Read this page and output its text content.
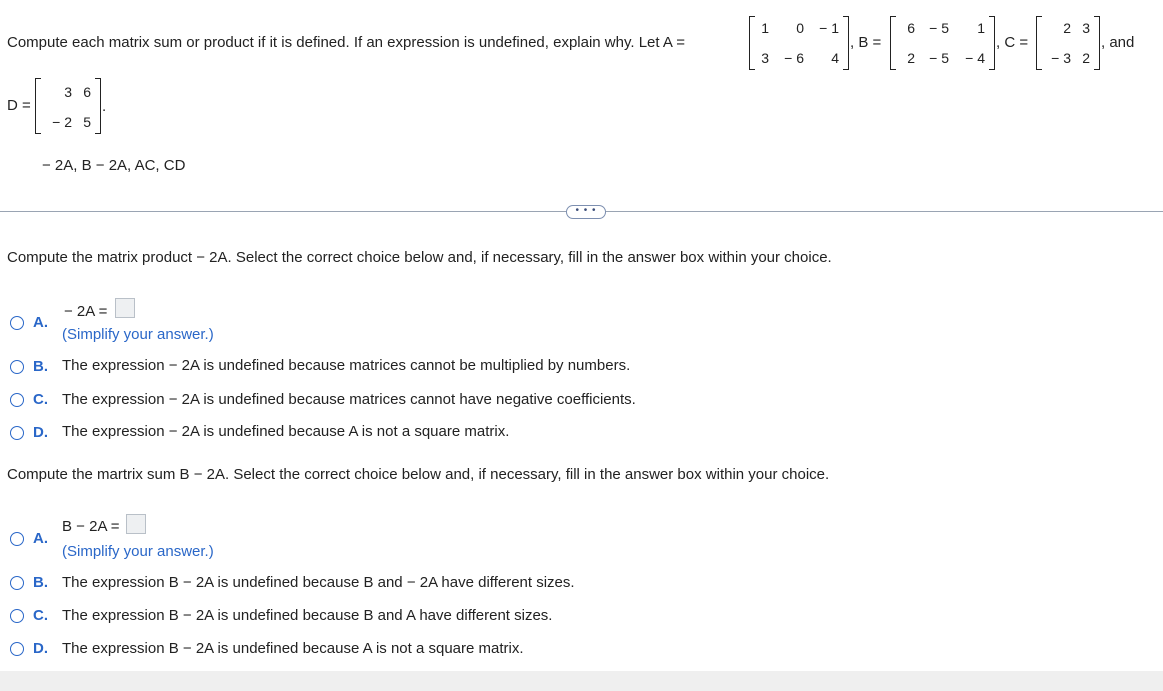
Compute each matrix sum or product if it is defined. If an expression is undefined, explain why. Let A =
1 0 − 1
3 − 6 4
, B =
6 − 5 1
2 − 5 − 4
, C =
2 3
− 3 2
, and
D =
3 6
− 2 5
.
− 2A, B − 2A, AC, CD
• • •
Compute the matrix product − 2A. Select the correct choice below and, if necessary, fill in the answer box within your choice.
A.
− 2A =
(Simplify your answer.)
B. The expression − 2A is undefined because matrices cannot be multiplied by numbers.
C. The expression − 2A is undefined because matrices cannot have negative coefficients.
D. The expression − 2A is undefined because A is not a square matrix.
Compute the martrix sum B − 2A. Select the correct choice below and, if necessary, fill in the answer box within your choice.
A.
B − 2A =
(Simplify your answer.)
B. The expression B − 2A is undefined because B and − 2A have different sizes.
C. The expression B − 2A is undefined because B and A have different sizes.
D. The expression B − 2A is undefined because A is not a square matrix.
